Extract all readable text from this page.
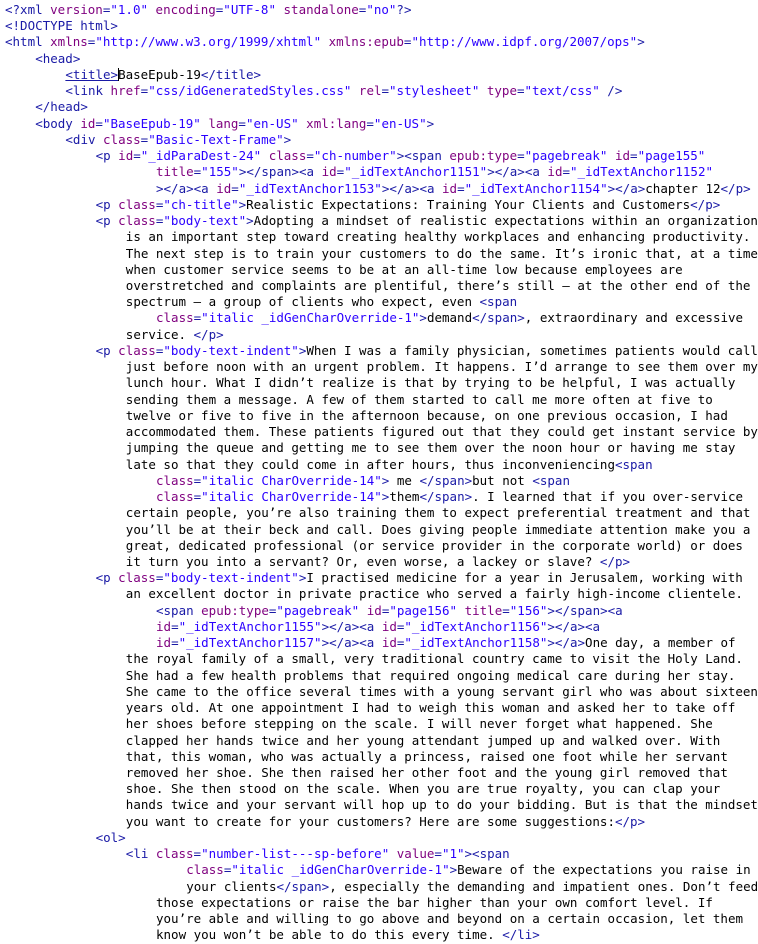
<?xml version="1.0" encoding="UTF-8" standalone="no"?>
<!DOCTYPE html>
<html xmlns="http://www.w3.org/1999/xhtml" xmlns:epub="http://www.idpf.org/2007/ops">
<head>
<title>BaseEpub-19</title>
<link href="css/idGeneratedStyles.css" rel="stylesheet" type="text/css" />
</head>
<body id="BaseEpub-19" lang="en-US" xml:lang="en-US">
<div class="Basic-Text-Frame">
<p id="_idParaDest-24" class="ch-number"><span epub:type="pagebreak" id="page155"
title="155"></span><a id="_idTextAnchor1151"></a><a id="_idTextAnchor1152"
></a><a id="_idTextAnchor1153"></a><a id="_idTextAnchor1154"></a>chapter 12</p>
<p class="ch-title">Realistic Expectations: Training Your Clients and Customers</p>
<p class="body-text">Adopting a mindset of realistic expectations within an organization
is an important step toward creating healthy workplaces and enhancing productivity.
The next step is to train your customers to do the same. It’s ironic that, at a time
when customer service seems to be at an all-time low because employees are
overstretched and complaints are plentiful, there’s still — at the other end of the
spectrum — a group of clients who expect, even <span
class="italic _idGenCharOverride-1">demand</span>, extraordinary and excessive
service. </p>
<p class="body-text-indent">When I was a family physician, sometimes patients would call
just before noon with an urgent problem. It happens. I’d arrange to see them over my
lunch hour. What I didn’t realize is that by trying to be helpful, I was actually
sending them a message. A few of them started to call me more often at five to
twelve or five to five in the afternoon because, on one previous occasion, I had
accommodated them. These patients figured out that they could get instant service by
jumping the queue and getting me to see them over the noon hour or having me stay
late so that they could come in after hours, thus inconveniencing<span
class="italic CharOverride-14"> me </span>but not <span
class="italic CharOverride-14">them</span>. I learned that if you over-service
certain people, you’re also training them to expect preferential treatment and that
you’ll be at their beck and call. Does giving people immediate attention make you a
great, dedicated professional (or service provider in the corporate world) or does
it turn you into a servant? Or, even worse, a lackey or slave? </p>
<p class="body-text-indent">I practised medicine for a year in Jerusalem, working with
an excellent doctor in private practice who served a fairly high-income clientele.
<span epub:type="pagebreak" id="page156" title="156"></span><a
id="_idTextAnchor1155"></a><a id="_idTextAnchor1156"></a><a
id="_idTextAnchor1157"></a><a id="_idTextAnchor1158"></a>One day, a member of
the royal family of a small, very traditional country came to visit the Holy Land.
She had a few health problems that required ongoing medical care during her stay.
She came to the office several times with a young servant girl who was about sixteen
years old. At one appointment I had to weigh this woman and asked her to take off
her shoes before stepping on the scale. I will never forget what happened. She
clapped her hands twice and her young attendant jumped up and walked over. With
that, this woman, who was actually a princess, raised one foot while her servant
removed her shoe. She then raised her other foot and the young girl removed that
shoe. She then stood on the scale. When you are true royalty, you can clap your
hands twice and your servant will hop up to do your bidding. But is that the mindset
you want to create for your customers? Here are some suggestions:</p>
<ol>
<li class="number-list---sp-before" value="1"><span
class="italic _idGenCharOverride-1">Beware of the expectations you raise in
your clients</span>, especially the demanding and impatient ones. Don’t feed
those expectations or raise the bar higher than your own comfort level. If
you’re able and willing to go above and beyond on a certain occasion, let them
know you won’t be able to do this every time. </li>
